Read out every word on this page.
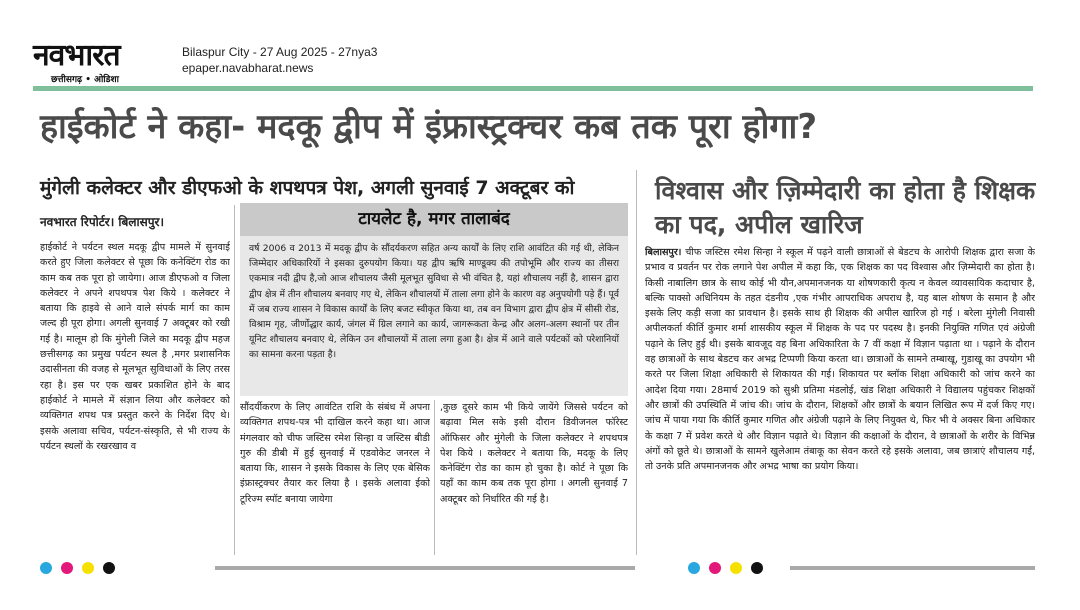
नवभारत
छत्तीसगढ़ • ओडिशा
Bilaspur City - 27 Aug 2025 - 27nya3
epaper.navabharat.news
हाईकोर्ट ने कहा- मदकू द्वीप में इंफ्रास्ट्रक्चर कब तक पूरा होगा?
मुंगेली कलेक्टर और डीएफओ के शपथपत्र पेश, अगली सुनवाई 7 अक्टूबर को
नवभारत रिपोर्टर। बिलासपुर।
विश्वास और ज़िम्मेदारी का होता है शिक्षक का पद, अपील खारिज
हाईकोर्ट ने पर्यटन स्थल मदकू द्वीप मामले में सुनवाई करते हुए जिला कलेक्टर से पूछा कि कनेक्टिंग रोड का काम कब तक पूरा हो जायेगा। आज डीएफओ व जिला कलेक्टर ने अपने शपथपत्र पेश किये । कलेक्टर ने बताया कि हाइवे से आने वाले संपर्क मार्ग का काम जल्द ही पूरा होगा। अगली सुनवाई 7 अक्टूबर को रखी गई है। मालूम हो कि मुंगेली जिले का मदकू द्वीप महज छत्तीसगढ़ का प्रमुख पर्यटन स्थल है ,मगर प्रशासनिक उदासीनता की वजह से मूलभूत सुविधाओं के लिए तरस रहा है। इस पर एक खबर प्रकाशित होने के बाद हाईकोर्ट ने मामले में संज्ञान लिया और कलेक्टर को व्यक्तिगत शपथ पत्र प्रस्तुत करने के निर्देश दिए थे। इसके अलावा सचिव, पर्यटन-संस्कृति, से भी राज्य के पर्यटन स्थलों के रखरखाव व
टायलेट है, मगर तालाबंद
वर्ष 2006 व 2013 में मदकू द्वीप के सौंदर्यकरण सहित अन्य कार्यों के लिए राशि आवंटित की गई थी, लेकिन जिम्मेदार अधिकारियों ने इसका दुरुपयोग किया। यह द्वीप ऋषि माण्डूक्य की तपोभूमि और राज्य का तीसरा एकमात्र नदी द्वीप है,जो आज शौचालय जैसी मूलभूत सुविधा से भी वंचित है, यहां शौचालय नहीं है, शासन द्वारा द्वीप क्षेत्र में तीन शौचालय बनवाए गए थे, लेकिन शौचालयों में ताला लगा होने के कारण वह अनुपयोगी पड़े हैं। पूर्व में जब राज्य शासन ने विकास कार्यों के लिए बजट स्वीकृत किया था, तब वन विभाग द्वारा द्वीप क्षेत्र में सीसी रोड, विश्राम गृह, जीर्णोद्धार कार्य, जंगल में ग्रिल लगाने का कार्य, जागरूकता केन्द्र और अलग-अलग स्थानों पर तीन यूनिट शौचालय बनवाए थे, लेकिन उन शौचालयों में ताला लगा हुआ है। क्षेत्र में आने वाले पर्यटकों को परेशानियों का सामना करना पड़ता है।
सौंदर्यीकरण के लिए आवंटित राशि के संबंध में अपना व्यक्तिगत शपथ-पत्र भी दाखिल करने कहा था। आज मंगलवार को चीफ जस्टिस रमेश सिन्हा व जस्टिस बीडी गुरु की डीबी में हुई सुनवाई में एडवोकेट जनरल ने बताया कि, शासन ने इसके विकास के लिए एक बेसिक इंफ्रास्ट्रक्चर तैयार कर लिया है । इसके अलावा ईको टूरिज्म स्पॉट बनाया जायेगा
,कुछ दूसरे काम भी किये जायेंगे जिससे पर्यटन को बढ़ावा मिल सके इसी दौरान डिवीजनल फॉरेस्ट ऑफिसर और मुंगेली के जिला कलेक्टर ने शपथपत्र पेश किये । कलेक्टर ने बताया कि, मदकू के लिए कनेक्टिंग रोड का काम हो चुका है। कोर्ट ने पूछा कि यहाँ का काम कब तक पूरा होगा । अगली सुनवाई 7 अक्टूबर को निर्धारित की गई है।
बिलासपुर। चीफ जस्टिस रमेश सिन्हा ने स्कूल में पढ़ने वाली छात्राओं से बेडटच के आरोपी शिक्षक द्वारा सजा के प्रभाव व प्रवर्तन पर रोक लगाने पेश अपील में कहा कि, एक शिक्षक का पद विश्वास और ज़िम्मेदारी का होता है। किसी नाबालिग छात्र के साथ कोई भी यौन,अपमानजनक या शोषणकारी कृत्य न केवल व्यावसायिक कदाचार है, बल्कि पाक्सो अधिनियम के तहत दंडनीय ,एक गंभीर आपराधिक अपराध है, यह बाल शोषण के समान है और इसके लिए कड़ी सजा का प्रावधान है। इसके साथ ही शिक्षक की अपील खारिज हो गई । बरेला मुंगेली निवासी अपीलकर्ता कीर्ति कुमार शर्मा शासकीय स्कूल में शिक्षक के पद पर पदस्थ है। इनकी नियुक्ति गणित एवं अंग्रेजी पढ़ाने के लिए हुई थी। इसके बावजूद वह बिना अधिकारिता के 7 वीं कक्षा में विज्ञान पढ़ाता था । पढ़ाने के दौरान वह छात्राओं के साथ बेडटच कर अभद्र टिप्पणी किया करता था। छात्राओं के सामने तम्बाखू, गुडाखू का उपयोग भी करते पर जिला शिक्षा अधिकारी से शिकायत की गई। शिकायत पर ब्लॉक शिक्षा अधिकारी को जांच करने का आदेश दिया गया। 28मार्च 2019 को सुश्री प्रतिमा मंडलोई, खंड शिक्षा अधिकारी ने विद्यालय पहुंचकर शिक्षकों और छात्रों की उपस्थिति में जांच की। जांच के दौरान, शिक्षकों और छात्रों के बयान लिखित रूप में दर्ज किए गए। जांच में पाया गया कि कीर्ति कुमार गणित और अंग्रेजी पढ़ाने के लिए नियुक्त थे, फिर भी वे अक्सर बिना अधिकार के कक्षा 7 में प्रवेश करते थे और विज्ञान पढ़ाते थे। विज्ञान की कक्षाओं के दौरान, वे छात्राओं के शरीर के विभिन्न अंगों को छूते थे। छात्राओं के सामने खुलेआम तंबाकू का सेवन करते रहे इसके अलावा, जब छात्राएं शौचालय गईं, तो उनके प्रति अपमानजनक और अभद्र भाषा का प्रयोग किया।
